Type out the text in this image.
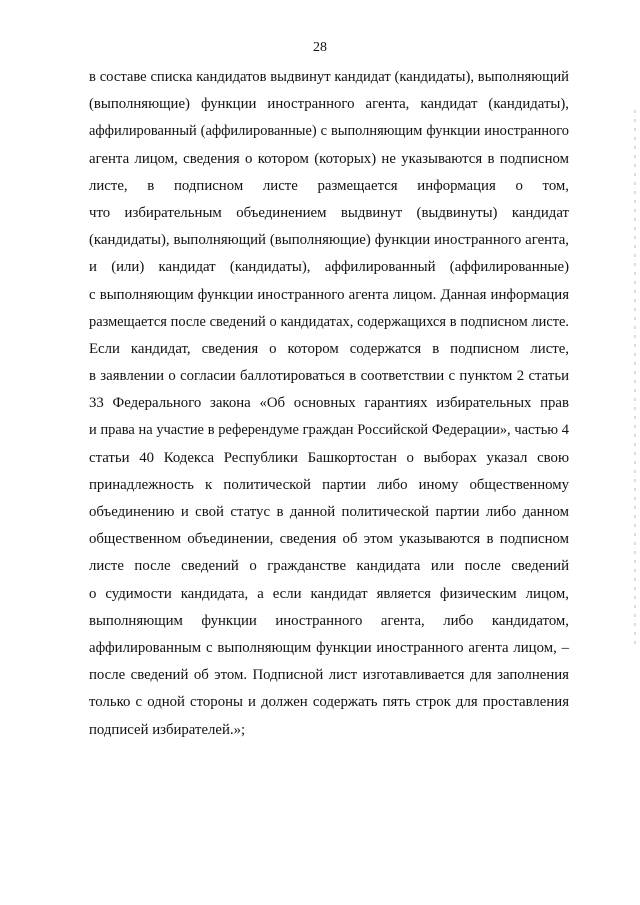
28
в составе списка кандидатов выдвинут кандидат (кандидаты), выполняющий
(выполняющие) функции иностранного агента, кандидат (кандидаты),
аффилированный (аффилированные) с выполняющим функции иностранного
агента лицом, сведения о котором (которых) не указываются в подписном
листе, в подписном листе размещается информация о том,
что избирательным объединением выдвинут (выдвинуты) кандидат
(кандидаты), выполняющий (выполняющие) функции иностранного агента,
и (или) кандидат (кандидаты), аффилированный (аффилированные)
с выполняющим функции иностранного агента лицом. Данная информация
размещается после сведений о кандидатах, содержащихся в подписном листе.
Если кандидат, сведения о котором содержатся в подписном листе,
в заявлении о согласии баллотироваться в соответствии с пунктом 2 статьи
33 Федерального закона «Об основных гарантиях избирательных прав
и права на участие в референдуме граждан Российской Федерации», частью 4
статьи 40 Кодекса Республики Башкортостан о выборах указал свою
принадлежность к политической партии либо иному общественному
объединению и свой статус в данной политической партии либо данном
общественном объединении, сведения об этом указываются в подписном
листе после сведений о гражданстве кандидата или после сведений
о судимости кандидата, а если кандидат является физическим лицом,
выполняющим функции иностранного агента, либо кандидатом,
аффилированным с выполняющим функции иностранного агента лицом, –
после сведений об этом. Подписной лист изготавливается для заполнения
только с одной стороны и должен содержать пять строк для проставления
подписей избирателей.»;
